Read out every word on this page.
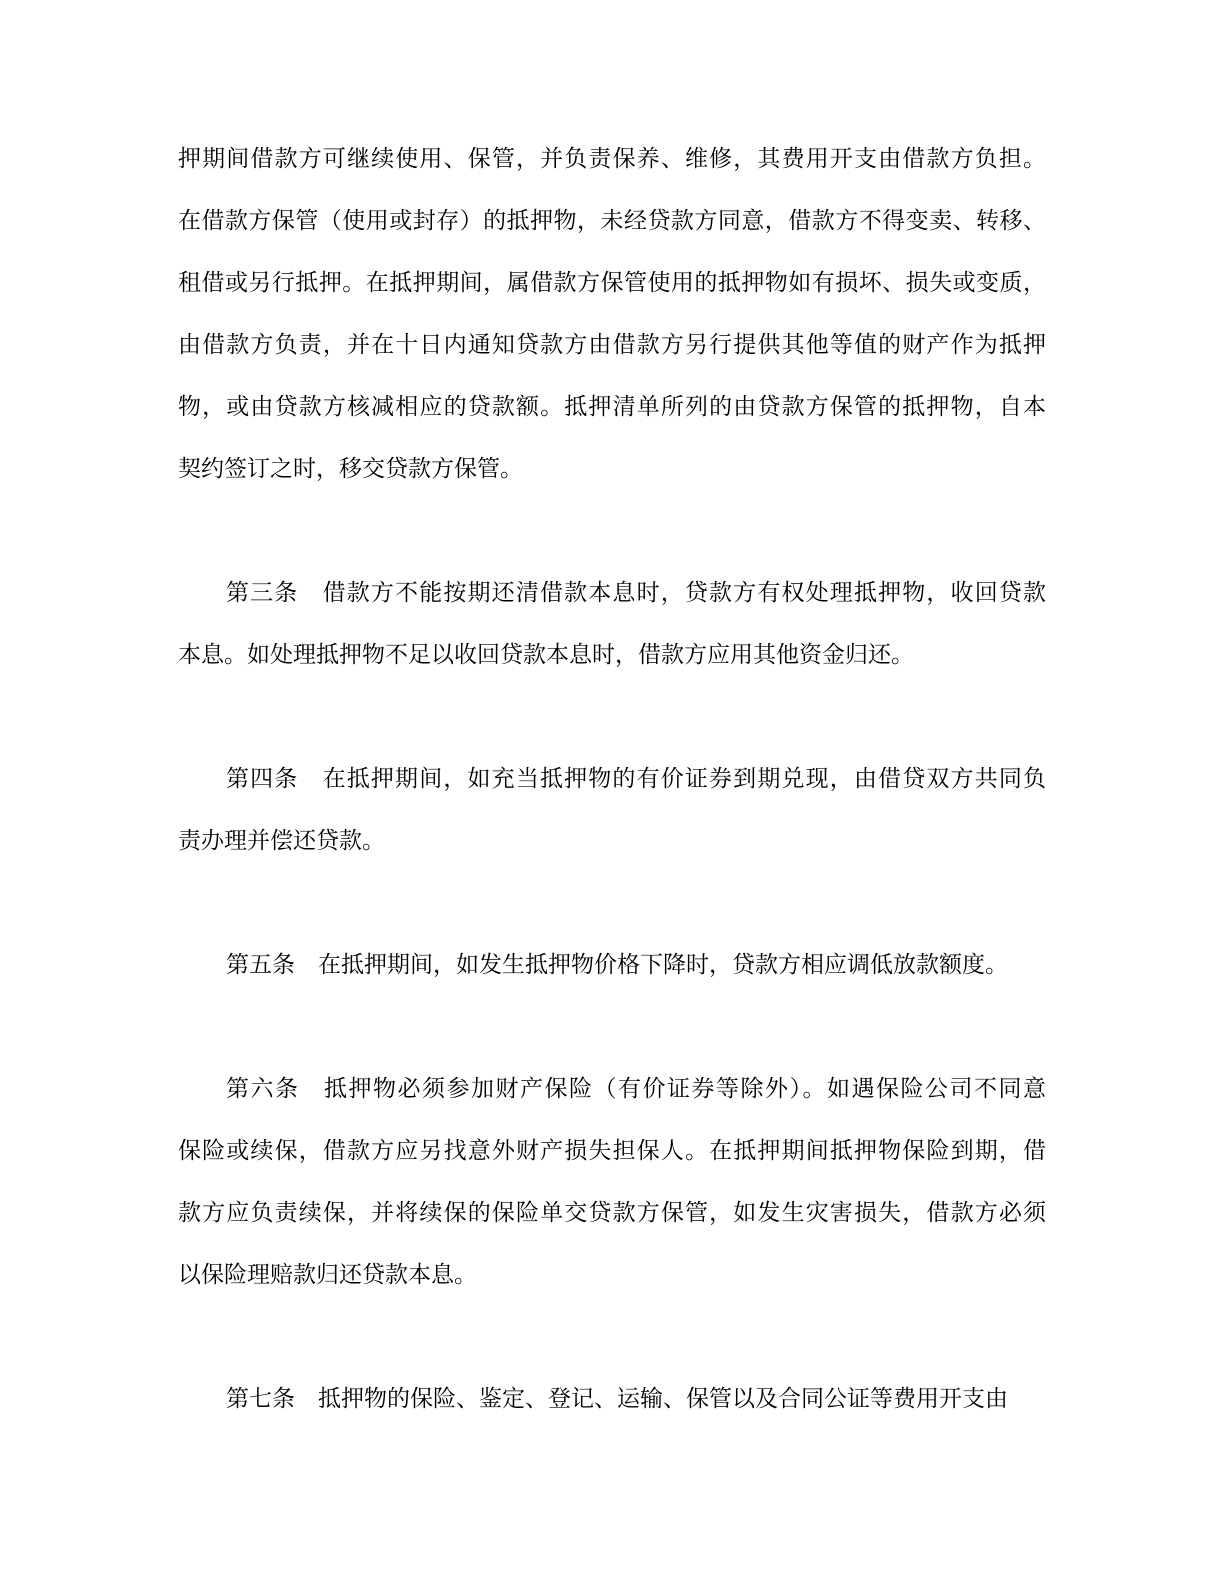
押期间借款方可继续使用、保管，并负责保养、维修，其费用开支由借款方负担。
在借款方保管（使用或封存）的抵押物，未经贷款方同意，借款方不得变卖、转移、
租借或另行抵押。在抵押期间，属借款方保管使用的抵押物如有损坏、损失或变质，
由借款方负责，并在十日内通知贷款方由借款方另行提供其他等值的财产作为抵押
物，或由贷款方核减相应的贷款额。抵押清单所列的由贷款方保管的抵押物，自本
契约签订之时，移交贷款方保管。
第三条　借款方不能按期还清借款本息时，贷款方有权处理抵押物，收回贷款
本息。如处理抵押物不足以收回贷款本息时，借款方应用其他资金归还。
第四条　在抵押期间，如充当抵押物的有价证券到期兑现，由借贷双方共同负
责办理并偿还贷款。
第五条　在抵押期间，如发生抵押物价格下降时，贷款方相应调低放款额度。
第六条　抵押物必须参加财产保险（有价证券等除外）。如遇保险公司不同意
保险或续保，借款方应另找意外财产损失担保人。在抵押期间抵押物保险到期，借
款方应负责续保，并将续保的保险单交贷款方保管，如发生灾害损失，借款方必须
以保险理赔款归还贷款本息。
第七条　抵押物的保险、鉴定、登记、运输、保管以及合同公证等费用开支由
